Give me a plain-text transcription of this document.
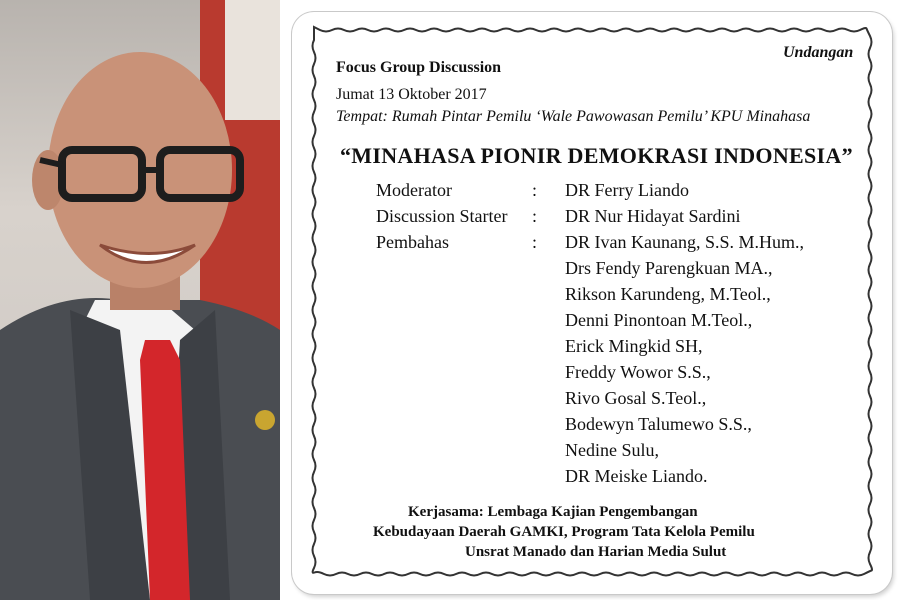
Undangan
Focus Group Discussion
Jumat 13 Oktober 2017
Tempat: Rumah Pintar Pemilu ‘Wale Pawowasan Pemilu’ KPU Minahasa
“MINAHASA PIONIR DEMOKRASI INDONESIA”
Moderator	: DR Ferry Liando
Discussion Starter : DR Nur Hidayat Sardini
Pembahas	: DR Ivan Kaunang, S.S. M.Hum.,
Drs Fendy Parengkuan MA.,
Rikson Karundeng, M.Teol.,
Denni Pinontoan M.Teol.,
Erick Mingkid SH,
Freddy Wowor S.S.,
Rivo Gosal S.Teol.,
Bodewyn Talumewo S.S.,
Nedine Sulu,
DR Meiske Liando.
Kerjasama: Lembaga Kajian Pengembangan
Kebudayaan Daerah GAMKI, Program Tata Kelola Pemilu
Unsrat Manado dan Harian Media Sulut
